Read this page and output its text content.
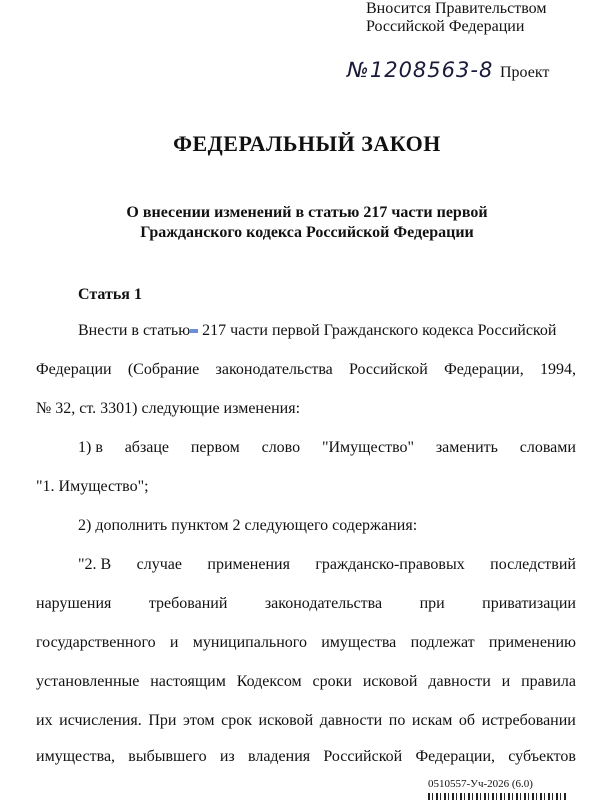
Вносится Правительством
Российской Федерации
№1208563-8 Проект
ФЕДЕРАЛЬНЫЙ ЗАКОН
О внесении изменений в статью 217 части первой
Гражданского кодекса Российской Федерации
Статья 1
Внести в статью 217 части первой Гражданского кодекса Российской
Федерации (Собрание законодательства Российской Федерации, 1994,
№ 32, ст. 3301) следующие изменения:
1) в абзаце первом слово "Имущество" заменить словами
"1. Имущество";
2) дополнить пунктом 2 следующего содержания:
"2. В случае применения гражданско-правовых последствий
нарушения требований законодательства при приватизации
государственного и муниципального имущества подлежат применению
установленные настоящим Кодексом сроки исковой давности и правила
их исчисления. При этом срок исковой давности по искам об истребовании
имущества, выбывшего из владения Российской Федерации, субъектов
0510557-Уч-2026 (6.0)
